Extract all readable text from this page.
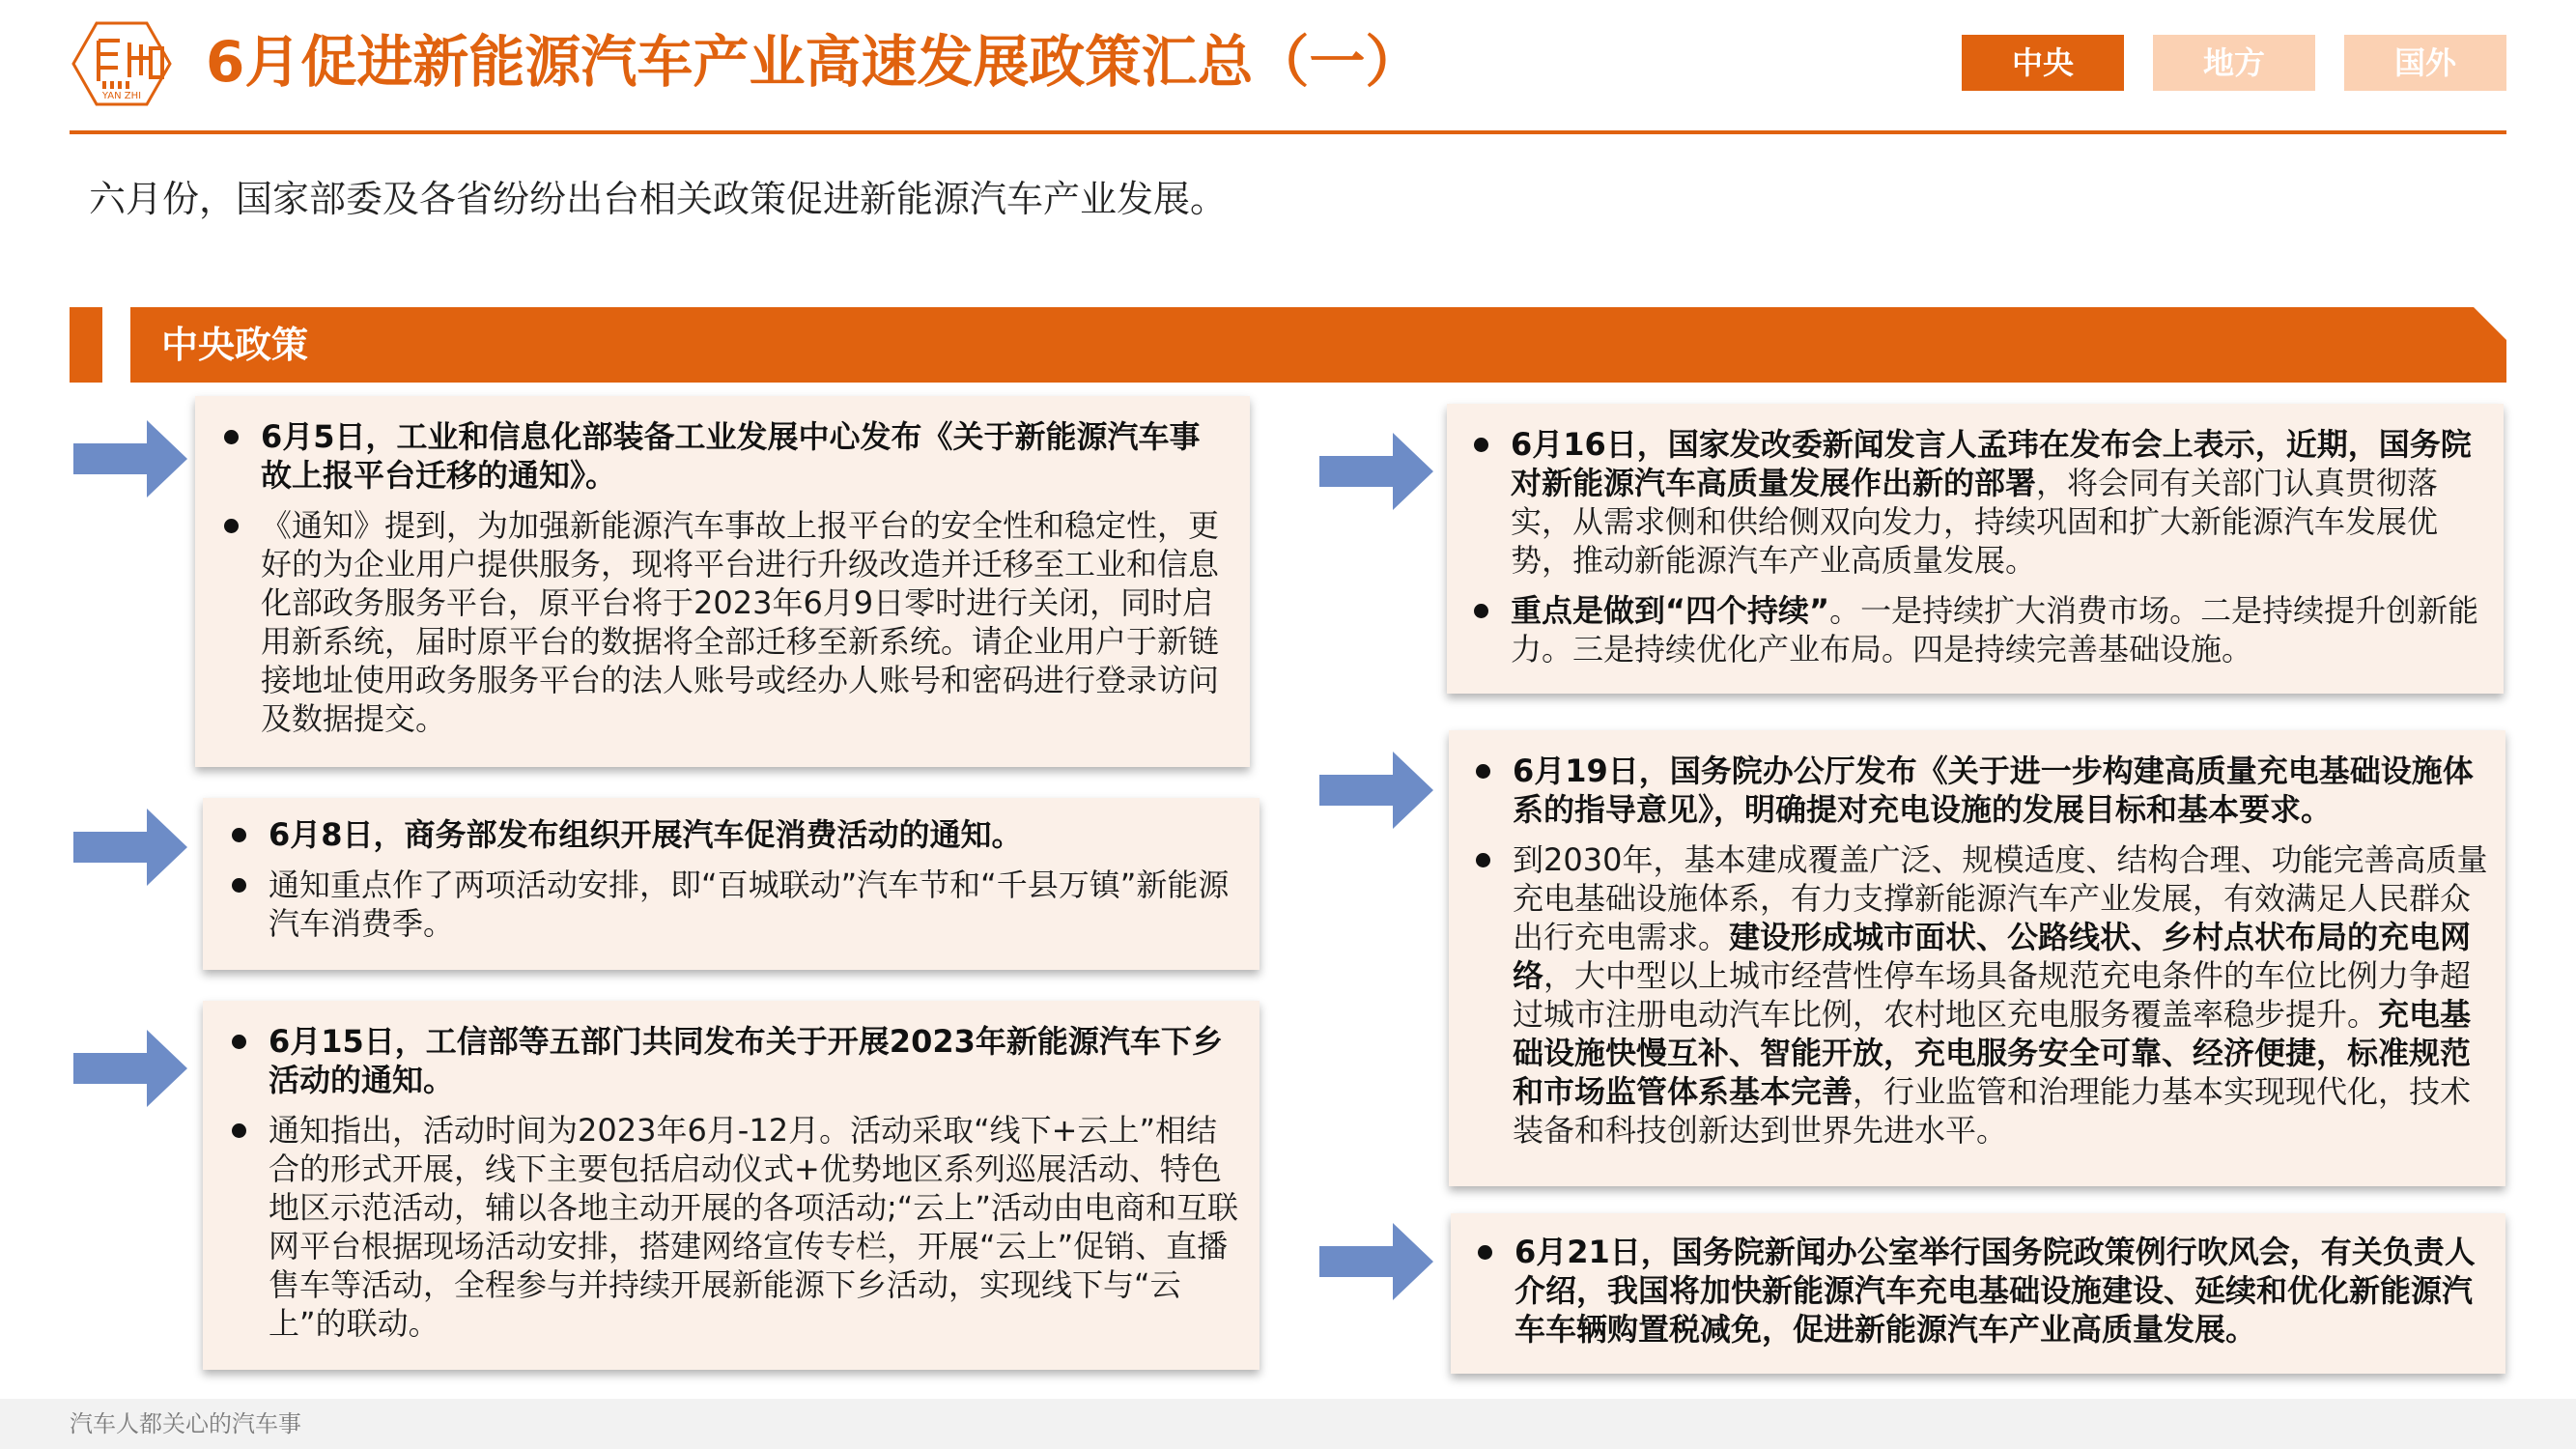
YAN ZHI
6月促进新能源汽车产业高速发展政策汇总（一）	中央	地方	国外
六月份，国家部委及各省纷纷出台相关政策促进新能源汽车产业发展。
中央政策
6月5日，工业和信息化部装备工业发展中心发布《关于新能源汽车事故上报平台迁移的通知》。
《通知》提到，为加强新能源汽车事故上报平台的安全性和稳定性，更好的为企业用户提供服务，现将平台进行升级改造并迁移至工业和信息化部政务服务平台，原平台将于2023年6月9日零时进行关闭，同时启用新系统，届时原平台的数据将全部迁移至新系统。请企业用户于新链接地址使用政务服务平台的法人账号或经办人账号和密码进行登录访问及数据提交。
6月8日，商务部发布组织开展汽车促消费活动的通知。
通知重点作了两项活动安排，即“百城联动”汽车节和“千县万镇”新能源汽车消费季。
6月15日，工信部等五部门共同发布关于开展2023年新能源汽车下乡活动的通知。
通知指出，活动时间为2023年6月-12月。活动采取“线下+云上”相结合的形式开展，线下主要包括启动仪式+优势地区系列巡展活动、特色地区示范活动，辅以各地主动开展的各项活动;“云上”活动由电商和互联网平台根据现场活动安排，搭建网络宣传专栏，开展“云上”促销、直播售车等活动，全程参与并持续开展新能源下乡活动，实现线下与“云上”的联动。
6月16日，国家发改委新闻发言人孟玮在发布会上表示，近期，国务院对新能源汽车高质量发展作出新的部署，将会同有关部门认真贯彻落实，从需求侧和供给侧双向发力，持续巩固和扩大新能源汽车发展优势，推动新能源汽车产业高质量发展。
重点是做到“四个持续”。一是持续扩大消费市场。二是持续提升创新能力。三是持续优化产业布局。四是持续完善基础设施。
6月19日，国务院办公厅发布《关于进一步构建高质量充电基础设施体系的指导意见》，明确提对充电设施的发展目标和基本要求。
到2030年，基本建成覆盖广泛、规模适度、结构合理、功能完善高质量充电基础设施体系，有力支撑新能源汽车产业发展，有效满足人民群众出行充电需求。建设形成城市面状、公路线状、乡村点状布局的充电网络，大中型以上城市经营性停车场具备规范充电条件的车位比例力争超过城市注册电动汽车比例，农村地区充电服务覆盖率稳步提升。充电基础设施快慢互补、智能开放，充电服务安全可靠、经济便捷，标准规范和市场监管体系基本完善，行业监管和治理能力基本实现现代化，技术装备和科技创新达到世界先进水平。
6月21日，国务院新闻办公室举行国务院政策例行吹风会，有关负责人介绍，我国将加快新能源汽车充电基础设施建设、延续和优化新能源汽车车辆购置税减免，促进新能源汽车产业高质量发展。
汽车人都关心的汽车事
